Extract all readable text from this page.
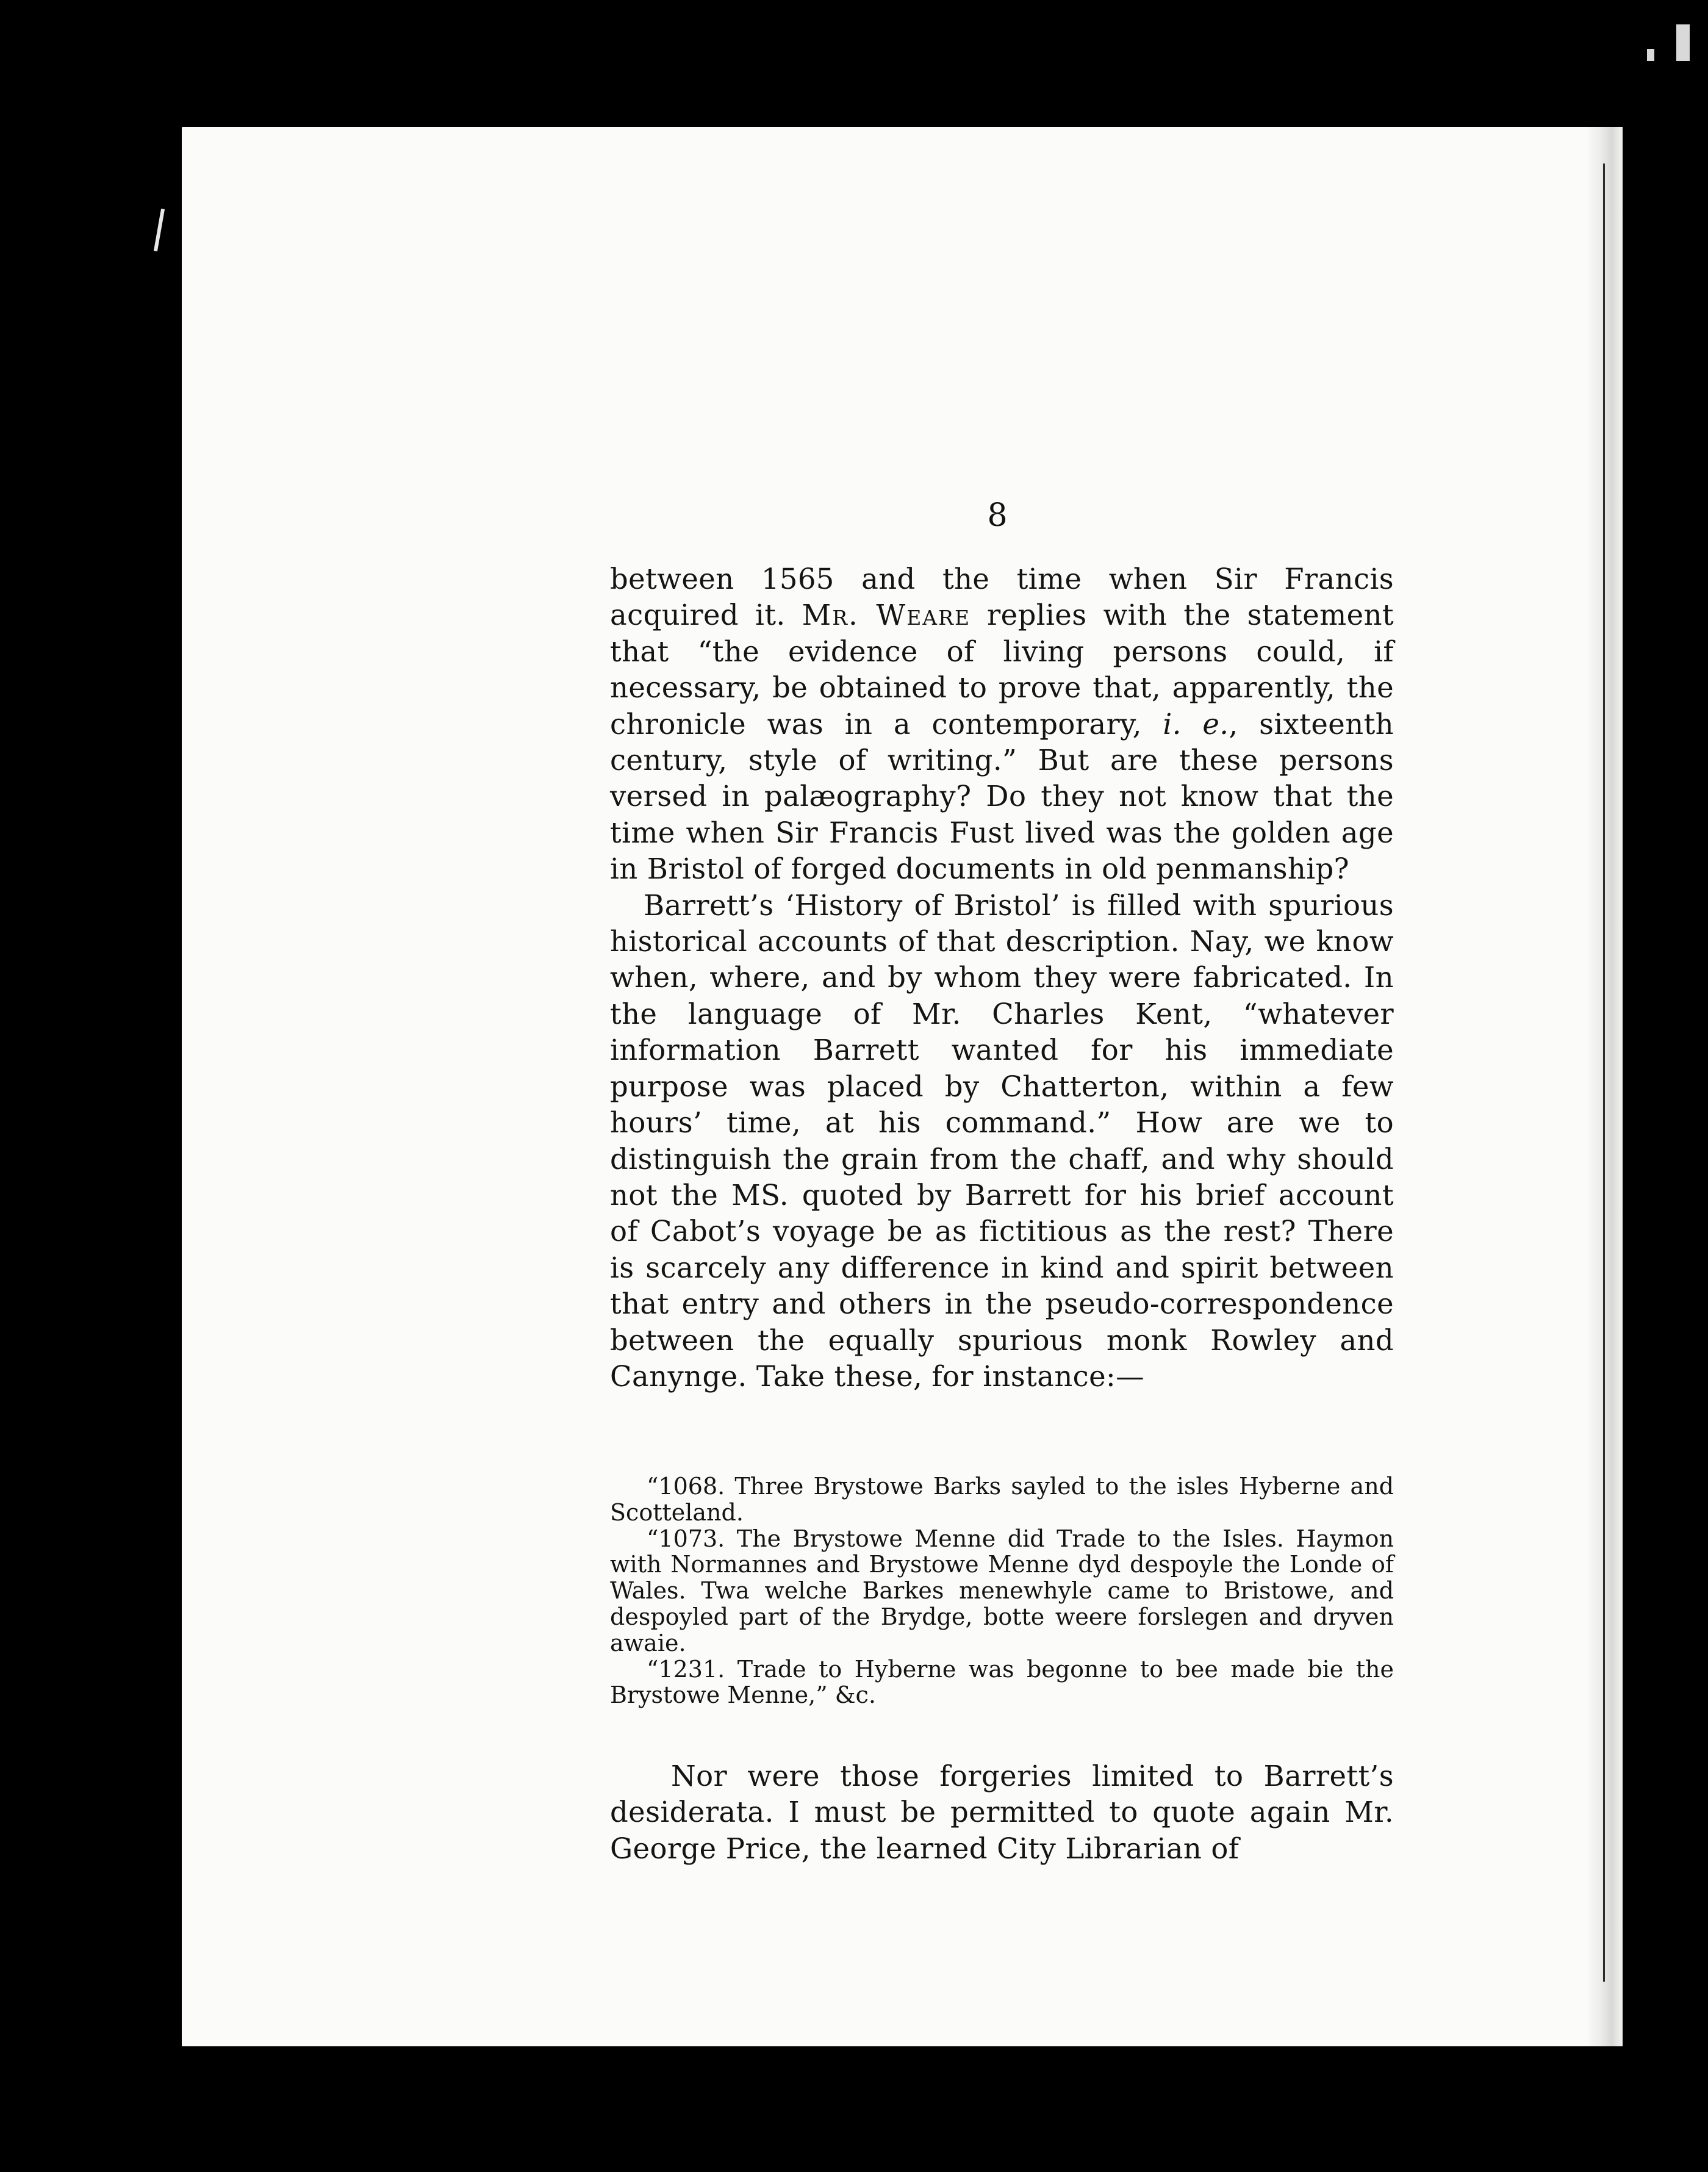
8

between 1565 and the time when Sir Francis acquired it. Mr. Weare replies with the statement that “the evidence of living persons could, if necessary, be obtained to prove that, apparently, the chronicle was in a contemporary, i. e., sixteenth century, style of writing.” But are these persons versed in palæography? Do they not know that the time when Sir Francis Fust lived was the golden age in Bristol of forged documents in old penmanship?

Barrett’s ‘History of Bristol’ is filled with spurious historical accounts of that description. Nay, we know when, where, and by whom they were fabricated. In the language of Mr. Charles Kent, “whatever information Barrett wanted for his immediate purpose was placed by Chatterton, within a few hours’ time, at his command.” How are we to distinguish the grain from the chaff, and why should not the MS. quoted by Barrett for his brief account of Cabot’s voyage be as fictitious as the rest? There is scarcely any difference in kind and spirit between that entry and others in the pseudo-correspondence between the equally spurious monk Rowley and Canynge. Take these, for instance:—

“1068. Three Brystowe Barks sayled to the isles Hyberne and Scotteland.

“1073. The Brystowe Menne did Trade to the Isles. Haymon with Normannes and Brystowe Menne dyd despoyle the Londe of Wales. Twa welche Barkes menewhyle came to Bristowe, and despoyled part of the Brydge, botte weere forslegen and dryven awaie.

“1231. Trade to Hyberne was begonne to bee made bie the Brystowe Menne,” &c.

Nor were those forgeries limited to Barrett’s desiderata. I must be permitted to quote again Mr. George Price, the learned City Librarian of
